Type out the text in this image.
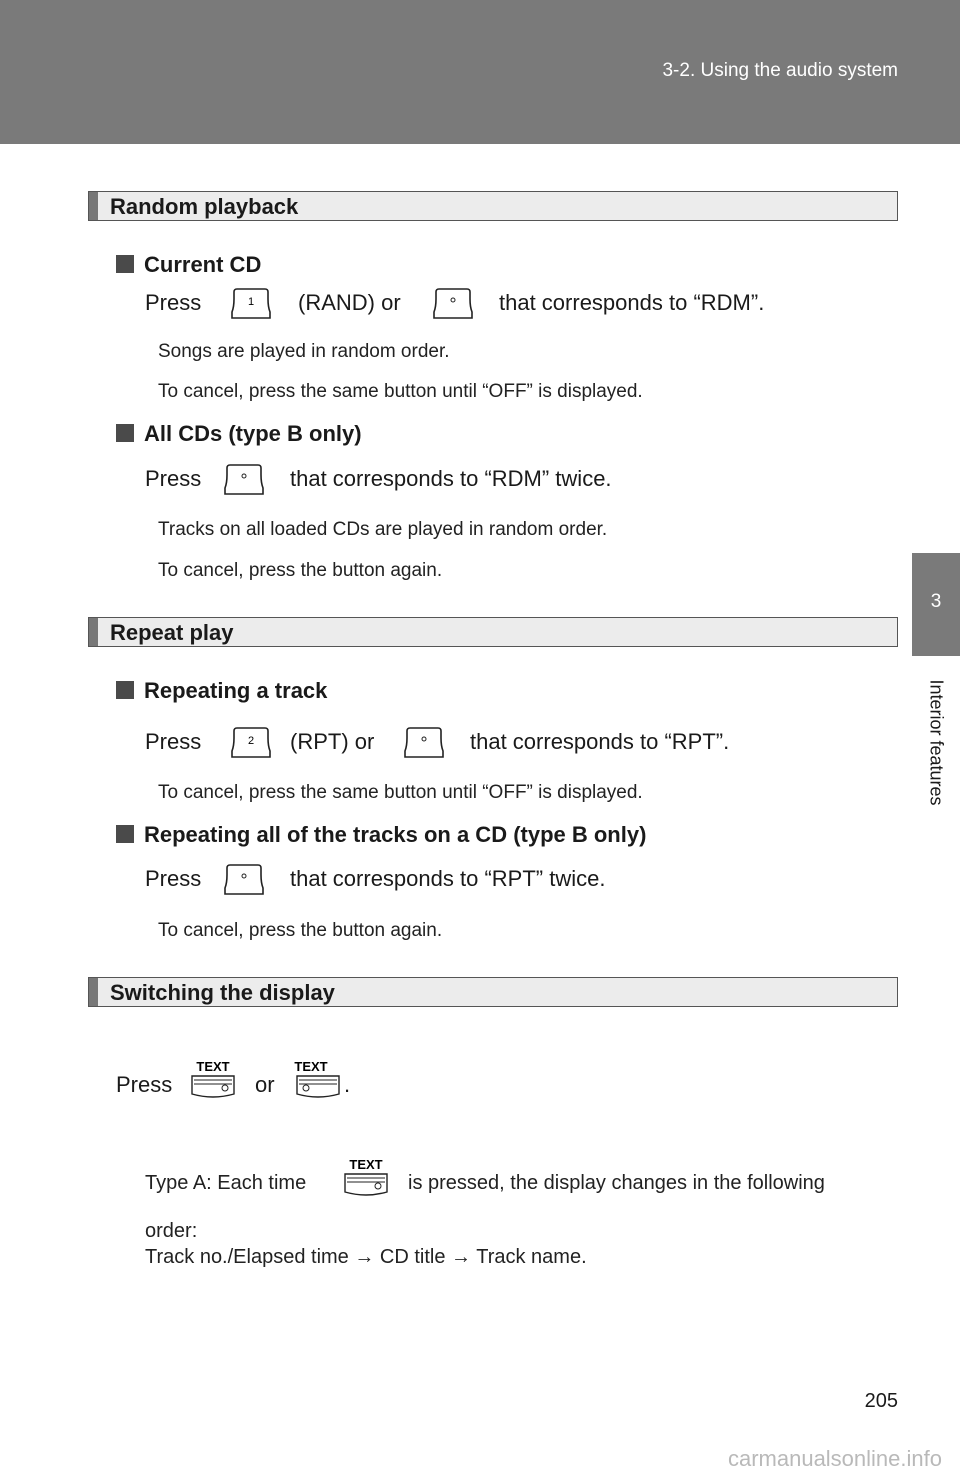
3-2. Using the audio system
3
Interior features
Random playback
Current CD
Press	1 (RAND) or	that corresponds to “RDM”.
Songs are played in random order.
To cancel, press the same button until “OFF” is displayed.
All CDs (type B only)
Press	that corresponds to “RDM” twice.
Tracks on all loaded CDs are played in random order.
To cancel, press the button again.
Repeat play
Repeating a track
Press	2 (RPT) or	that corresponds to “RPT”.
To cancel, press the same button until “OFF” is displayed.
Repeating all of the tracks on a CD (type B only)
Press	that corresponds to “RPT” twice.
To cancel, press the button again.
Switching the display
Press
TEXT
or
TEXT
.
Type A: Each time
TEXT
is pressed, the display changes in the following
order:
Track no./Elapsed time → CD title → Track name.
205
carmanualsonline.info
